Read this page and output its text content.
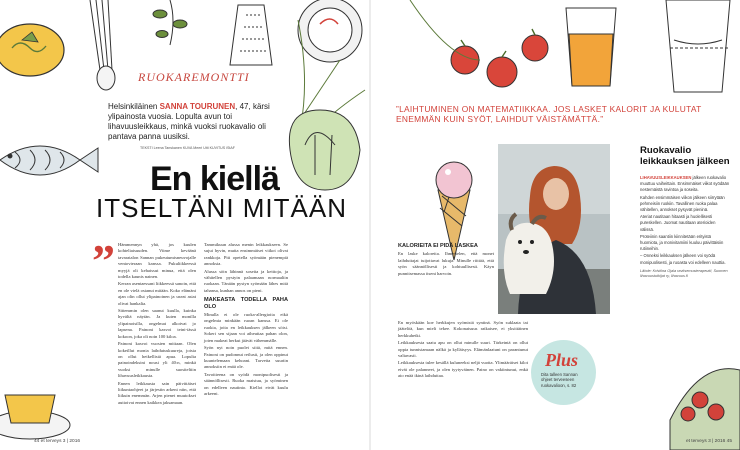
RUOKAREMONTTI
Helsinkiläinen SANNA TOURUNEN, 47, kärsi ylipainosta vuosia. Lopulta avun toi lihavuusleikkaus, minkä vuoksi ruokavalio oli pantava panna uusiksi.
TEKSTI Leena Tanskanen KUVA Meeri Utti KUVITUS iStAF
En kiellä
ITSELTÄNI MITÄÄN
” Hämmennyn yhä, jos kuulen kohteliaisuuden. Viime keväänä tavaratalon Sannan pukeutumisneuvojalle ventovieraan kanssa. Pukuliikkeessä myyjä oli kehaissut minua, että olen todella kaunis nainen.

Kerran asentaessani liikkeessä sanoin, että en ole vielä ostanut mitään. Koko elämäni ajan olin ollut ylipainoinen ja useat asiat olivat hankalia.

Sittemmin olen saanut kuulla, kuinka hyvältä näytän. Ja kuten monilla ylipainoisilla, ongelmat alkoivat jo lapsena. Painoni kasvoi teini-iässä kokoon, joka oli noin 100 kiloa.

Painoni kasvoi vuosien mittaan. Olen kokeillut monia laihdutuskuureja, joista on ollut hetkellistä apua. Lopulta painoindeksini nousi yli 40:n, minkä vuoksi minulle suositeltiin lihavuusleikkausta.

Ennen leikkausta sain päivittäiset liikuntaohjeet ja järjestin arkeni niin, että liikuin enemmän. Arjen pienet muutokset auttoivat ennen kaikkea jaksamaan.

Tammikuun alussa menin leikkaukseen. Se sujui hyvin, mutta ensimmäiset viikot olivat rankkoja. Piti opetella syömään pienempiä annoksia.

Alussa söin lähinnä soseita ja keittoja, ja vähitellen pystyin palaamaan normaaliin ruokaan. Tänään pystyn syömään lähes mitä tahansa, kunhan annos on pieni.

MAKEASTA TODELLA PAHA OLO

Minulla ei ole ruoka-allergioita eikä ongelmia minkään ruoan kanssa. Ei ole ruokia, joita en leikkauksen jälkeen söisi. Sokeri sen sijaan voi aiheuttaa pahan olon, joten makeat herkut jäävät vähemmälle.

Syön nyt noin puolet siitä, mitä ennen. Painoni on pudonnut reilusti, ja olen oppinut kuuntelemaan kehoani. Tarvetta suuriin annoksiin ei enää ole.

Tavoitteena on syödä monipuolisesti ja säännöllisesti. Ruoka maistuu, ja syöminen on edelleen nautinto. Kiellot eivät kuulu arkeeni.

44 et terveys 3 | 2016
”LAIHTUMINEN ON MATEMATIIKKAA. JOS LASKET KALORIT JA KULUTAT ENEMMÄN KUIN SYÖT, LAIHDUT VÄISTÄMÄTTÄ.”
KALORIEITA EI PIDÄ LASKEA

En laske kaloreita. Ihmettelen, että monet laihduttajat tuijottavat lukuja. Minulle riittää, että syön säännöllisesti ja kohtuullisesti. Käyn punnitsemassa itseni harvoin.

En myöskään koe herkkujen syömistä syntinä. Syön suklaata tai jäätelöä, kun mieli tekee. Kokonaisuus ratkaisee, ei yksittäinen herkkuhetki.

Leikkauksesta saatu apu on ollut minulle suuri. Tärkeintä on ollut oppia tunnistamaan nälkä ja kylläisyys. Elämänlaatuni on parantunut valtavasti.

Leikkauksesta tulee kesällä kuluneeksi neljä vuotta. Ylimääräiset kilot eivät ole palanneet, ja olen tyytyväinen. Paino on vakiintunut, enkä aio enää ikinä laihduttaa.

Plus
Dita talleen Sannan ohjeet terveeseen ruokavalioon, s. 82
Ruokavalio leikkauksen jälkeen

LIHAVUUSLEIKKAUKSEN jälkeen ruokavalio muuttuu vaiheittain. Ensimmäiset viikot syödään nestemäistä ravintoa ja soseita.

Kahden ensimmäisen viikon jälkeen siirrytään pehmeisiin ruokiin. Tavallinen ruoka palaa vähitellen, annokset pysyvät pieninä.

Ateriat nautitaan hitaasti ja huolellisesti pureskellen. Juomat nautitaan aterioiden välissä.

Proteiinin saantiin kiinnitetään erityistä huomiota, ja monivitamiini kuuluu päivittäisiin rutiineihin.

– Onneksi leikkauksen jälkeen voi syödä monipuolisesti, ja ruoasta voi edelleen nauttia.

Lähde: Kristiina Ojala ravitsemusterapeutti, Suomen lihavuustutkijat ry, lihavuus.fi
et terveys 3 | 2016 45
